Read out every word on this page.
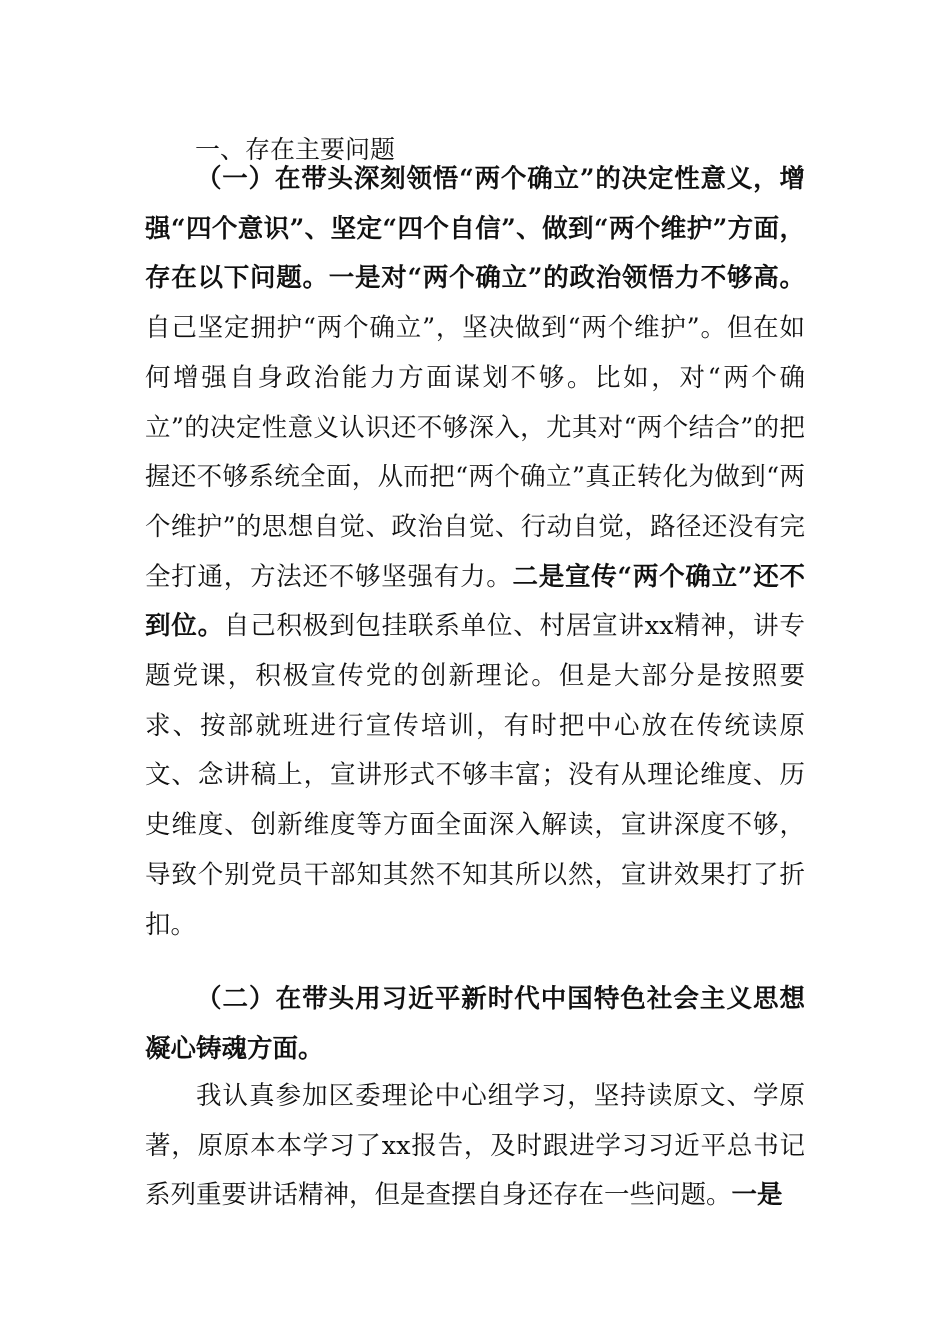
一、存在主要问题
（一）在带头深刻领悟“两个确立”的决定性意义，增强“四个意识”、坚定“四个自信”、做到“两个维护”方面，存在以下问题。一是对“两个确立”的政治领悟力不够高。自己坚定拥护“两个确立”，坚决做到“两个维护”。但在如何增强自身政治能力方面谋划不够。比如，对“两个确立”的决定性意义认识还不够深入，尤其对“两个结合”的把握还不够系统全面，从而把“两个确立”真正转化为做到“两个维护”的思想自觉、政治自觉、行动自觉，路径还没有完全打通，方法还不够坚强有力。二是宣传“两个确立”还不到位。自己积极到包挂联系单位、村居宣讲xx精神，讲专题党课，积极宣传党的创新理论。但是大部分是按照要求、按部就班进行宣传培训，有时把中心放在传统读原文、念讲稿上，宣讲形式不够丰富；没有从理论维度、历史维度、创新维度等方面全面深入解读，宣讲深度不够，导致个别党员干部知其然不知其所以然，宣讲效果打了折扣。
（二）在带头用习近平新时代中国特色社会主义思想凝心铸魂方面。
我认真参加区委理论中心组学习，坚持读原文、学原著，原原本本学习了xx报告，及时跟进学习习近平总书记系列重要讲话精神，但是查摆自身还存在一些问题。一是
